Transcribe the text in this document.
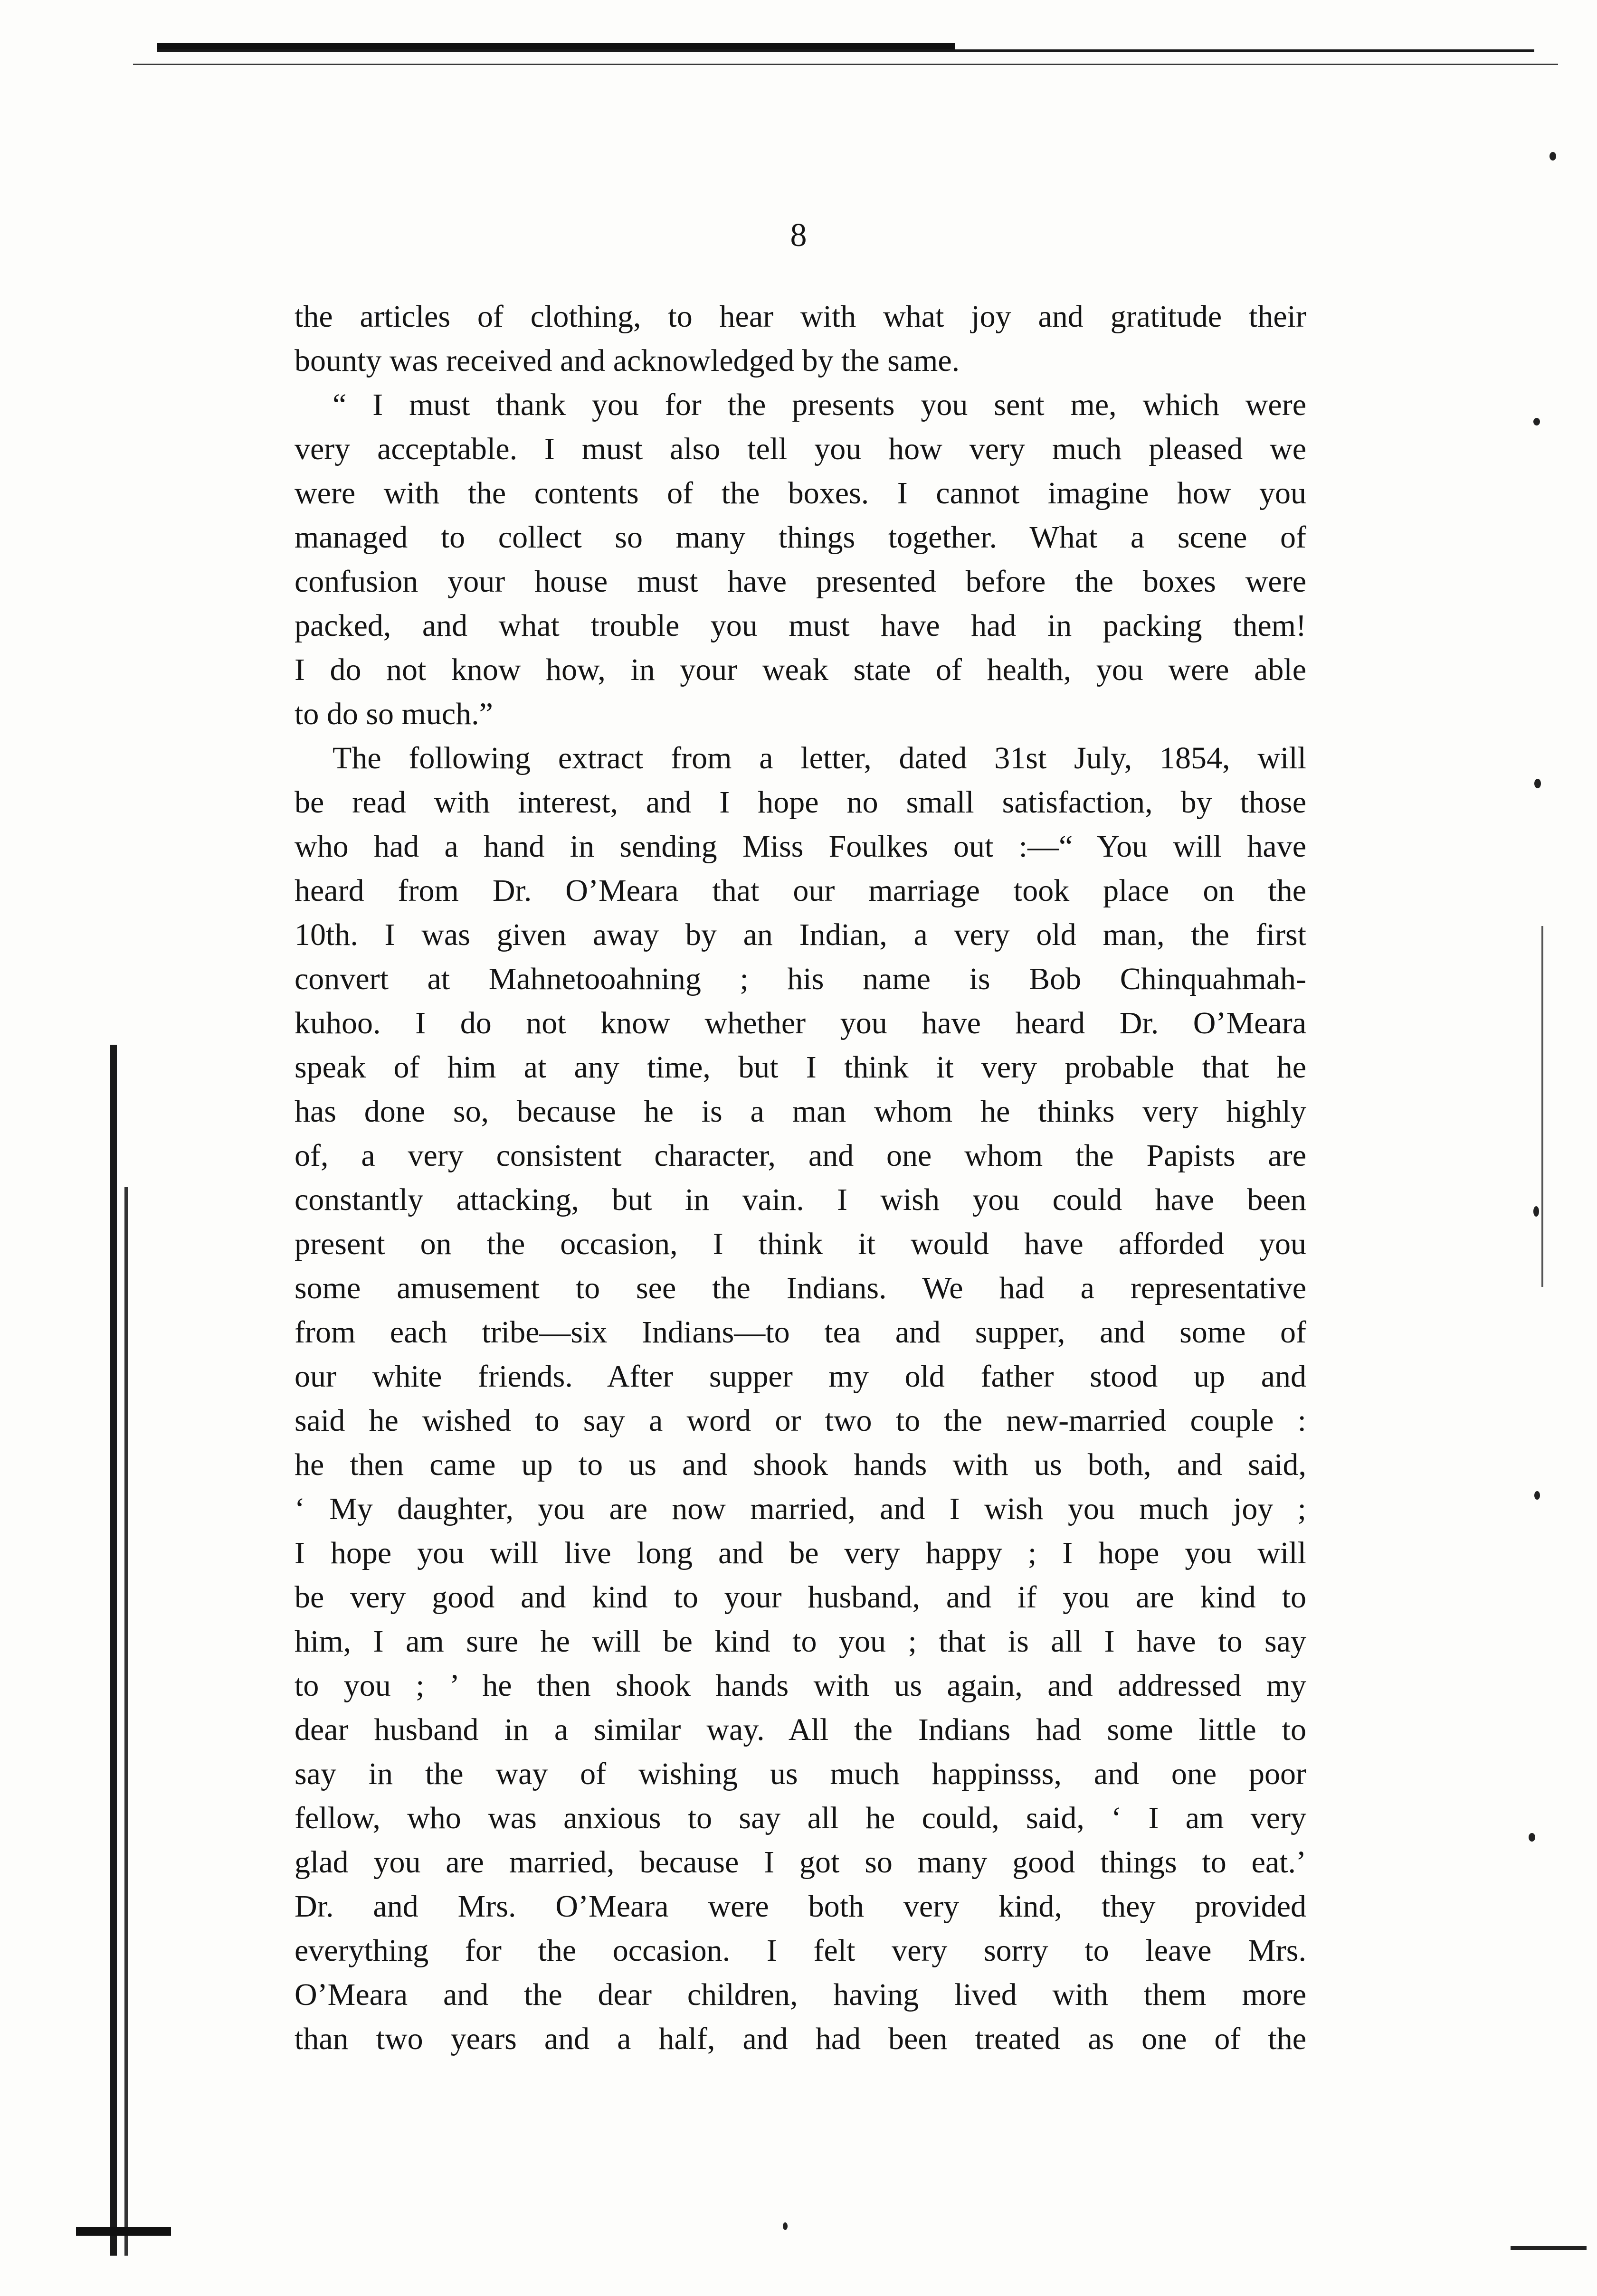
8
the articles of clothing, to hear with what joy and gratitude their
bounty was received and acknowledged by the same.
“ I must thank you for the presents you sent me, which were
very acceptable. I must also tell you how very much pleased we
were with the contents of the boxes. I cannot imagine how you
managed to collect so many things together. What a scene of
confusion your house must have presented before the boxes were
packed, and what trouble you must have had in packing them!
I do not know how, in your weak state of health, you were able
to do so much.”
The following extract from a letter, dated 31st July, 1854, will
be read with interest, and I hope no small satisfaction, by those
who had a hand in sending Miss Foulkes out :—“ You will have
heard from Dr. O’Meara that our marriage took place on the
10th. I was given away by an Indian, a very old man, the first
convert at Mahnetooahning ; his name is Bob Chinquahmah-
kuhoo. I do not know whether you have heard Dr. O’Meara
speak of him at any time, but I think it very probable that he
has done so, because he is a man whom he thinks very highly
of, a very consistent character, and one whom the Papists are
constantly attacking, but in vain. I wish you could have been
present on the occasion, I think it would have afforded you
some amusement to see the Indians. We had a representative
from each tribe—six Indians—to tea and supper, and some of
our white friends. After supper my old father stood up and
said he wished to say a word or two to the new-married couple :
he then came up to us and shook hands with us both, and said,
‘ My daughter, you are now married, and I wish you much joy ;
I hope you will live long and be very happy ; I hope you will
be very good and kind to your husband, and if you are kind to
him, I am sure he will be kind to you ; that is all I have to say
to you ; ’ he then shook hands with us again, and addressed my
dear husband in a similar way. All the Indians had some little to
say in the way of wishing us much happinsss, and one poor
fellow, who was anxious to say all he could, said, ‘ I am very
glad you are married, because I got so many good things to eat.’
Dr. and Mrs. O’Meara were both very kind, they provided
everything for the occasion. I felt very sorry to leave Mrs.
O’Meara and the dear children, having lived with them more
than two years and a half, and had been treated as one of the
